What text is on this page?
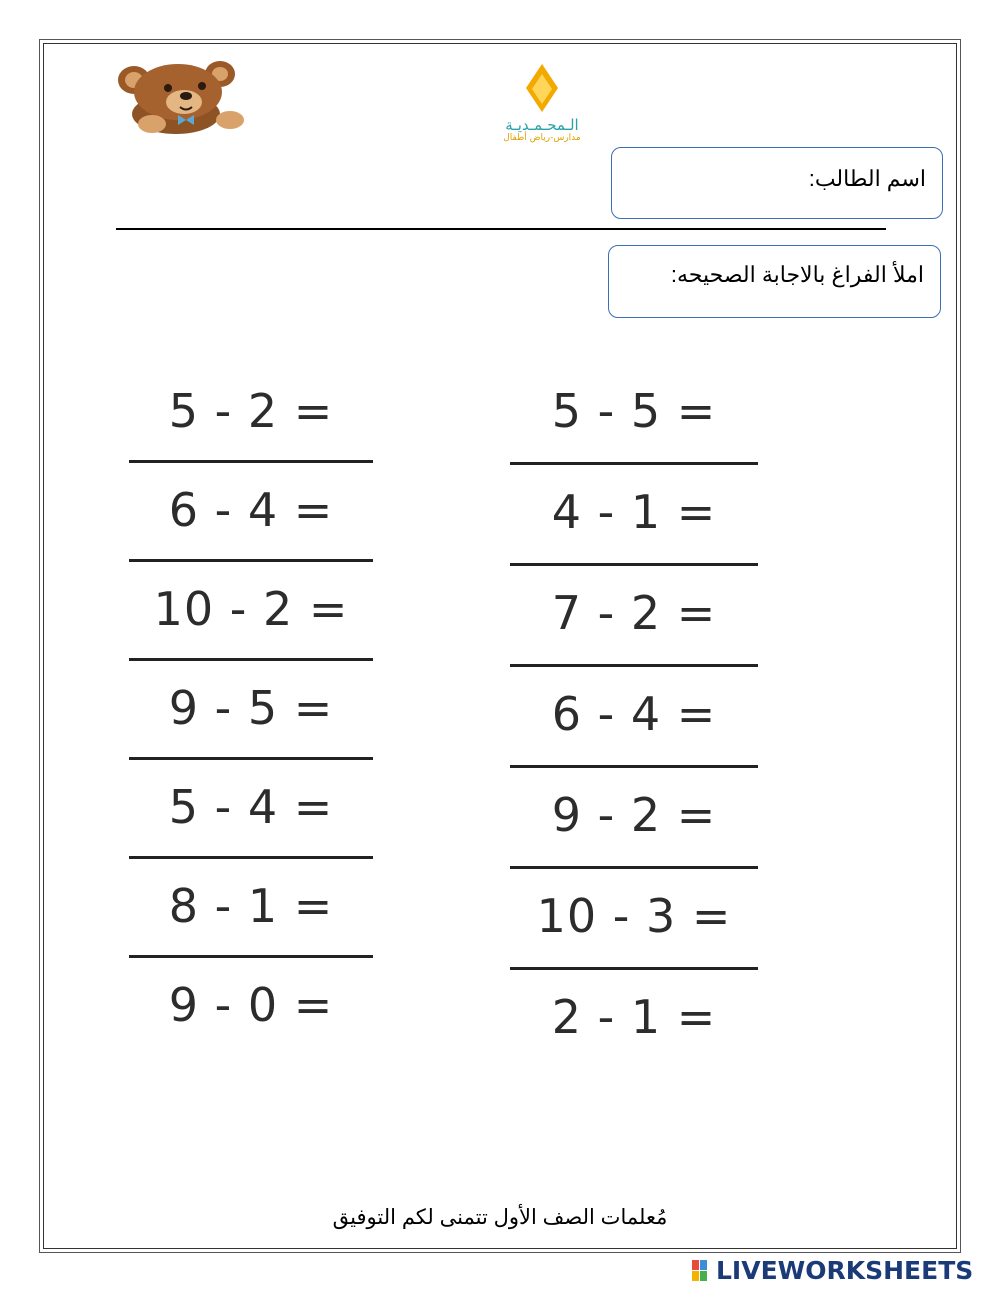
الـمحـمـديـة
مدارس-رياض أطفال
اسم الطالب:
املأ الفراغ بالاجابة الصحيحه:
5 - 2 =
6 - 4 =
10 - 2 =
9 - 5 =
5 - 4 =
8 - 1 =
9 - 0 =
5 - 5 =
4 - 1 =
7 - 2 =
6 - 4 =
9 - 2 =
10 - 3 =
2 - 1 =
مُعلمات الصف الأول تتمنى لكم التوفيق
LIVEWORKSHEETS
